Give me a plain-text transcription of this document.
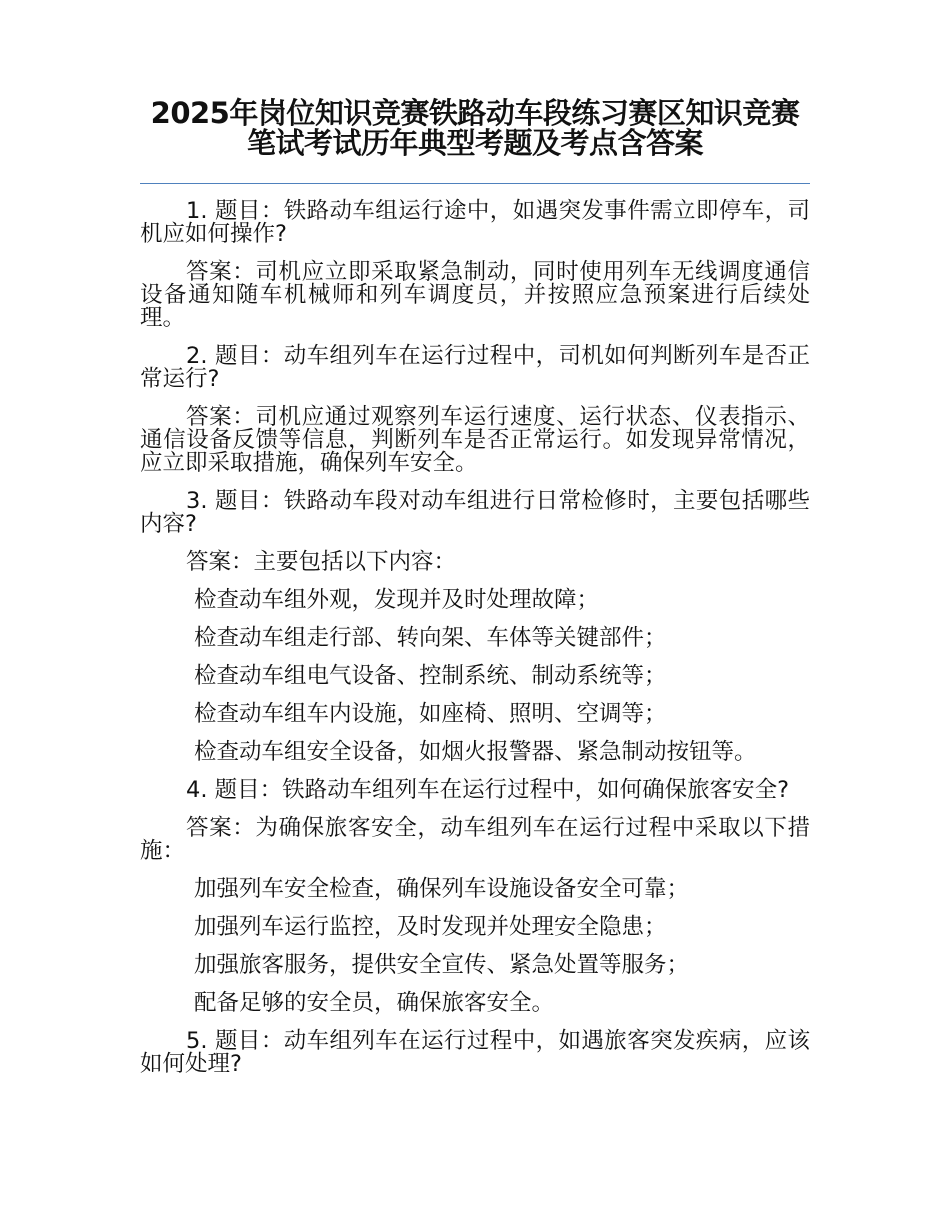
2025年岗位知识竞赛铁路动车段练习赛区知识竞赛笔试考试历年典型考题及考点含答案

1. 题目：铁路动车组运行途中，如遇突发事件需立即停车，司机应如何操作?

答案：司机应立即采取紧急制动，同时使用列车无线调度通信设备通知随车机械师和列车调度员，并按照应急预案进行后续处理。

2. 题目：动车组列车在运行过程中，司机如何判断列车是否正常运行?

答案：司机应通过观察列车运行速度、运行状态、仪表指示、通信设备反馈等信息，判断列车是否正常运行。如发现异常情况，应立即采取措施，确保列车安全。

3. 题目：铁路动车段对动车组进行日常检修时，主要包括哪些内容?

答案：主要包括以下内容：

检查动车组外观，发现并及时处理故障；

检查动车组走行部、转向架、车体等关键部件；

检查动车组电气设备、控制系统、制动系统等；

检查动车组车内设施，如座椅、照明、空调等；

检查动车组安全设备，如烟火报警器、紧急制动按钮等。

4. 题目：铁路动车组列车在运行过程中，如何确保旅客安全?

答案：为确保旅客安全，动车组列车在运行过程中采取以下措施：

加强列车安全检查，确保列车设施设备安全可靠；

加强列车运行监控，及时发现并处理安全隐患；

加强旅客服务，提供安全宣传、紧急处置等服务；

配备足够的安全员，确保旅客安全。

5. 题目：动车组列车在运行过程中，如遇旅客突发疾病，应该如何处理?
